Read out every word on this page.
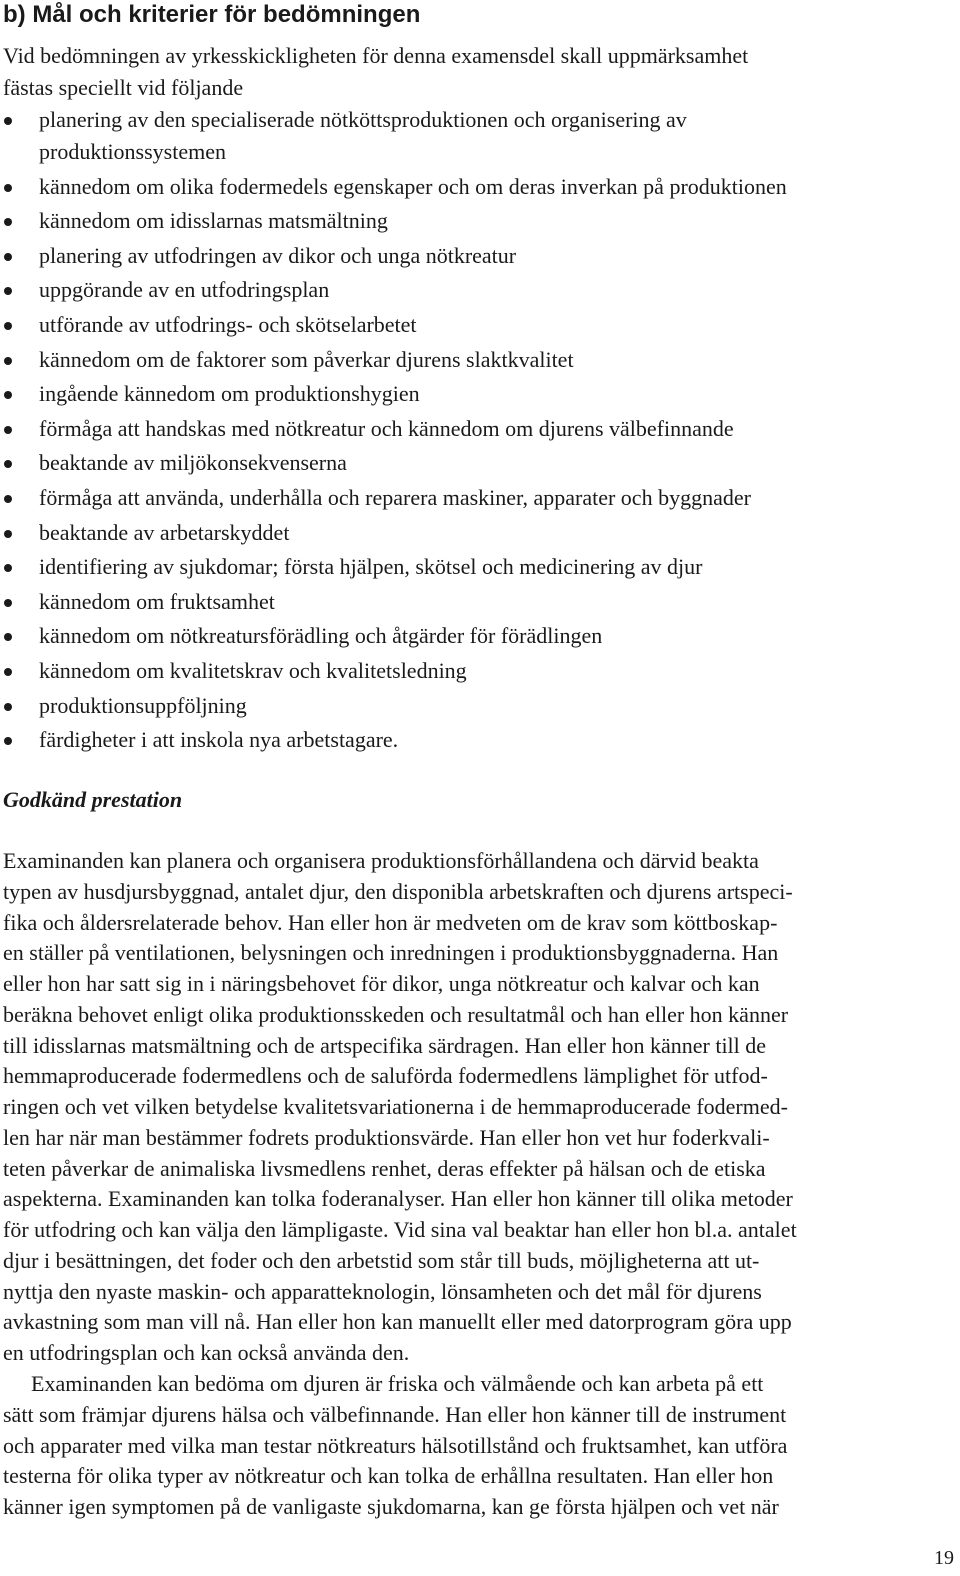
b) Mål och kriterier för bedömningen

Vid bedömningen av yrkesskickligheten för denna examensdel skall uppmärksamhet
fästas speciellt vid följande

planering av den specialiserade nötköttsproduktionen och organisering av
produktionssystemen
kännedom om olika fodermedels egenskaper och om deras inverkan på produktionen
kännedom om idisslarnas matsmältning
planering av utfodringen av dikor och unga nötkreatur
uppgörande av en utfodringsplan
utförande av utfodrings- och skötselarbetet
kännedom om de faktorer som påverkar djurens slaktkvalitet
ingående kännedom om produktionshygien
förmåga att handskas med nötkreatur och kännedom om djurens välbefinnande
beaktande av miljökonsekvenserna
förmåga att använda, underhålla och reparera maskiner, apparater och byggnader
beaktande av arbetarskyddet
identifiering av sjukdomar; första hjälpen, skötsel och medicinering av djur
kännedom om fruktsamhet
kännedom om nötkreatursförädling och åtgärder för förädlingen
kännedom om kvalitetskrav och kvalitetsledning
produktionsuppföljning
färdigheter i att inskola nya arbetstagare.
Godkänd prestation

Examinanden kan planera och organisera produktionsförhållandena och därvid beakta
typen av husdjursbyggnad, antalet djur, den disponibla arbetskraften och djurens artspeci-
fika och åldersrelaterade behov. Han eller hon är medveten om de krav som köttboskap-
en ställer på ventilationen, belysningen och inredningen i produktionsbyggnaderna. Han
eller hon har satt sig in i näringsbehovet för dikor, unga nötkreatur och kalvar och kan
beräkna behovet enligt olika produktionsskeden och resultatmål och han eller hon känner
till idisslarnas matsmältning och de artspecifika särdragen. Han eller hon känner till de
hemmaproducerade fodermedlens och de saluförda fodermedlens lämplighet för utfod-
ringen och vet vilken betydelse kvalitetsvariationerna i de hemmaproducerade fodermed-
len har när man bestämmer fodrets produktionsvärde. Han eller hon vet hur foderkvali-
teten påverkar de animaliska livsmedlens renhet, deras effekter på hälsan och de etiska
aspekterna. Examinanden kan tolka foderanalyser. Han eller hon känner till olika metoder
för utfodring och kan välja den lämpligaste. Vid sina val beaktar han eller hon bl.a. antalet
djur i besättningen, det foder och den arbetstid som står till buds, möjligheterna att ut-
nyttja den nyaste maskin- och apparatteknologin, lönsamheten och det mål för djurens
avkastning som man vill nå. Han eller hon kan manuellt eller med datorprogram göra upp
en utfodringsplan och kan också använda den.

Examinanden kan bedöma om djuren är friska och välmående och kan arbeta på ett
sätt som främjar djurens hälsa och välbefinnande. Han eller hon känner till de instrument
och apparater med vilka man testar nötkreaturs hälsotillstånd och fruktsamhet, kan utföra
testerna för olika typer av nötkreatur och kan tolka de erhållna resultaten. Han eller hon
känner igen symptomen på de vanligaste sjukdomarna, kan ge första hjälpen och vet när

19
